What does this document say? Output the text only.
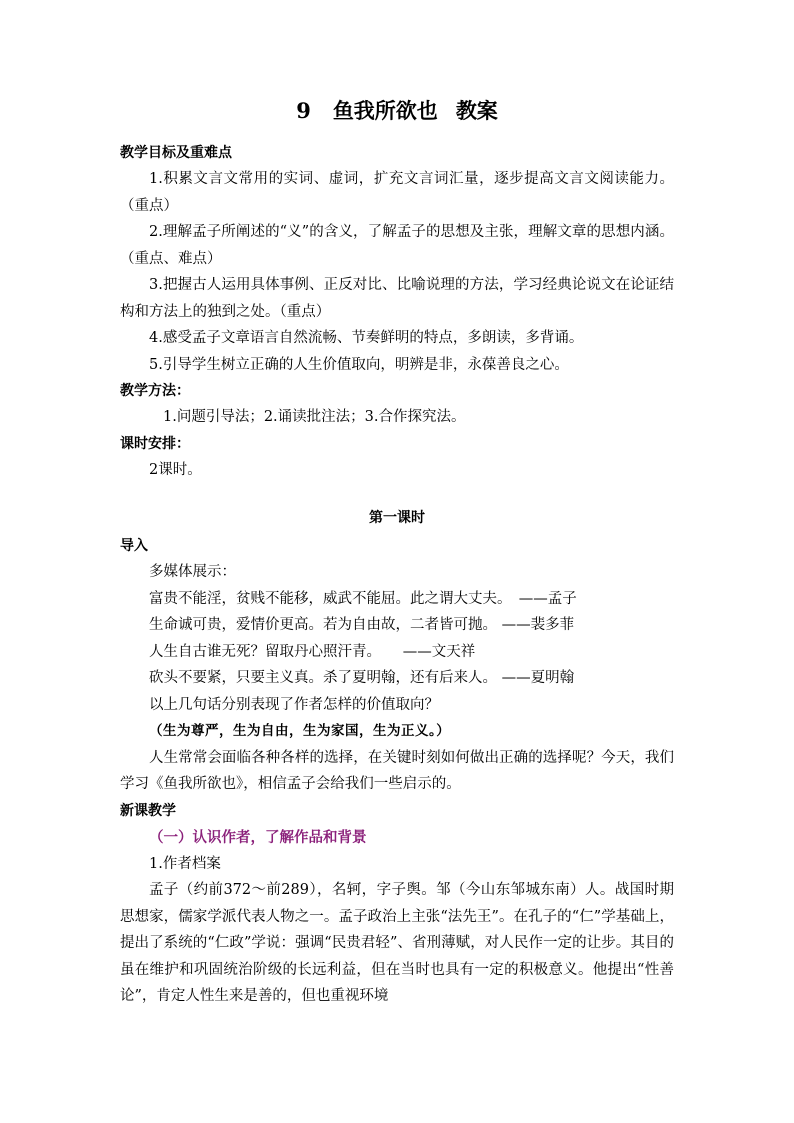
9 鱼我所欲也 教案

教学目标及重难点

1.积累文言文常用的实词、虚词，扩充文言词汇量，逐步提高文言文阅读能力。（重点）

2.理解孟子所阐述的“义”的含义，了解孟子的思想及主张，理解文章的思想内涵。（重点、难点）

3.把握古人运用具体事例、正反对比、比喻说理的方法，学习经典论说文在论证结构和方法上的独到之处。（重点）

4.感受孟子文章语言自然流畅、节奏鲜明的特点，多朗读，多背诵。

5.引导学生树立正确的人生价值取向，明辨是非，永葆善良之心。

教学方法：

1.问题引导法；2.诵读批注法；3.合作探究法。

课时安排：

2课时。

第一课时

导入

多媒体展示：

富贵不能淫，贫贱不能移，威武不能屈。此之谓大丈夫。　——孟子

生命诚可贵，爱情价更高。若为自由故，二者皆可抛。 ——裴多菲

人生自古谁无死？留取丹心照汗青。　　——文天祥

砍头不要紧，只要主义真。杀了夏明翰，还有后来人。 ——夏明翰

以上几句话分别表现了作者怎样的价值取向？

（生为尊严，生为自由，生为家国，生为正义。）

人生常常会面临各种各样的选择，在关键时刻如何做出正确的选择呢？今天，我们学习《鱼我所欲也》，相信孟子会给我们一些启示的。

新课教学

（一）认识作者，了解作品和背景

1.作者档案

孟子（约前372～前289），名轲，字子舆。邹（今山东邹城东南）人。战国时期思想家，儒家学派代表人物之一。孟子政治上主张“法先王”。在孔子的“仁”学基础上，提出了系统的“仁政”学说：强调“民贵君轻”、省刑薄赋，对人民作一定的让步。其目的虽在维护和巩固统治阶级的长远利益，但在当时也具有一定的积极意义。他提出“性善论”，肯定人性生来是善的，但也重视环境
